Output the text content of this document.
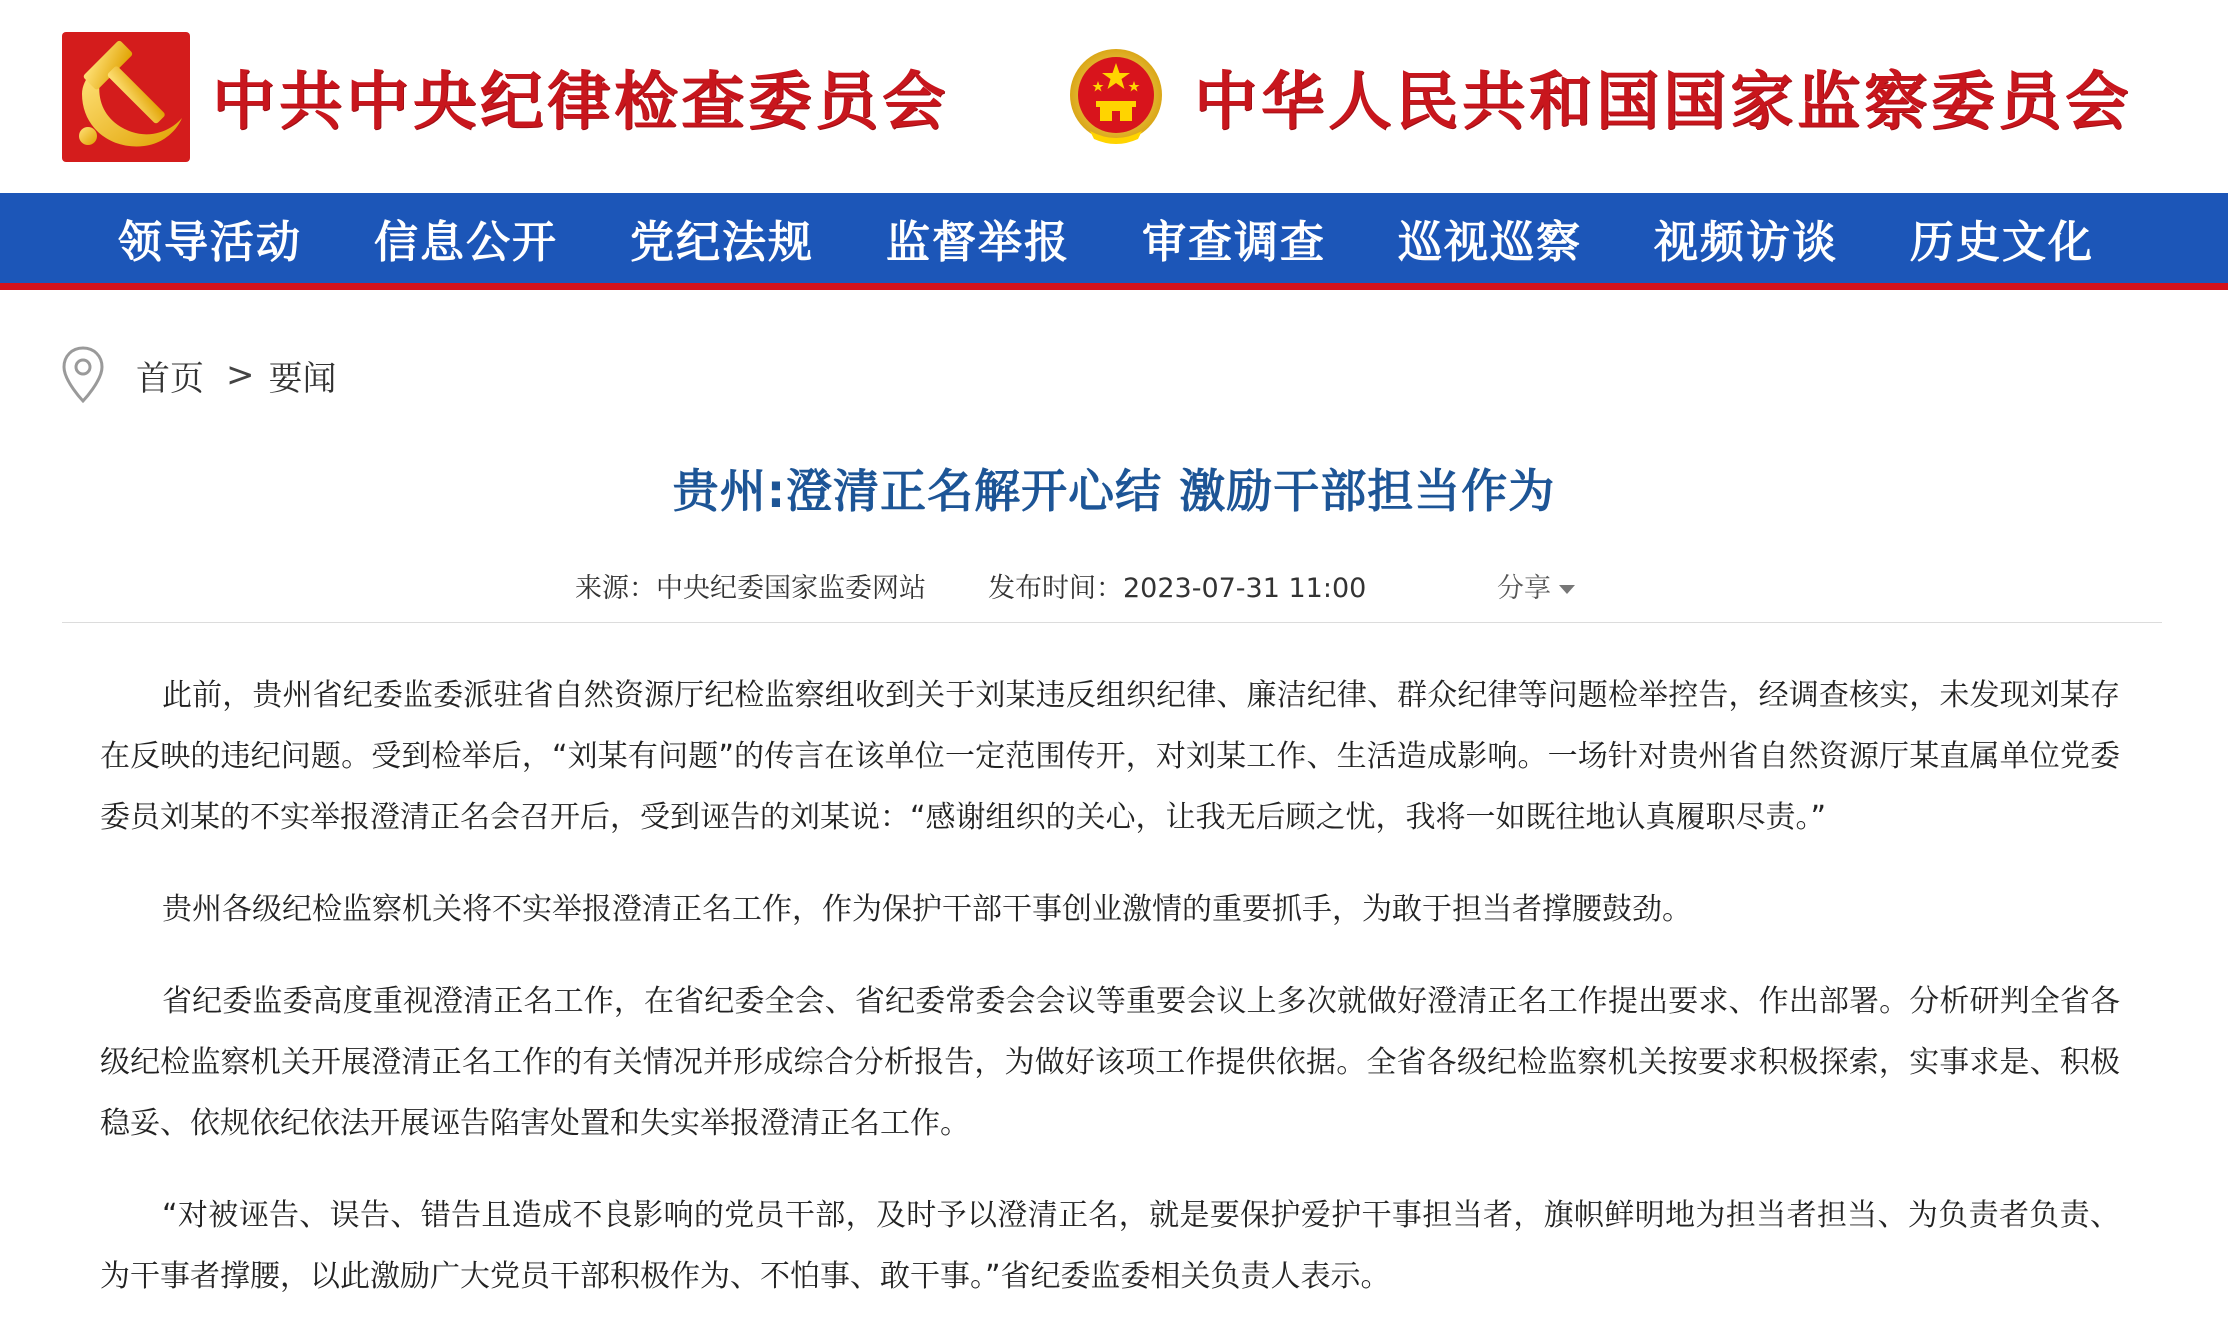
中共中央纪律检查委员会	中华人民共和国国家监察委员会
领导活动 信息公开 党纪法规 监督举报 审查调查 巡视巡察 视频访谈 历史文化
首页 > 要闻
贵州:澄清正名解开心结 激励干部担当作为
来源：中央纪委国家监委网站 发布时间：2023-07-31 11:00	分享

此前，贵州省纪委监委派驻省自然资源厅纪检监察组收到关于刘某违反组织纪律、廉洁纪律、群众纪律等问题检举控告，经调查核实，未发现刘某存在反映的违纪问题。受到检举后，“刘某有问题”的传言在该单位一定范围传开，对刘某工作、生活造成影响。一场针对贵州省自然资源厅某直属单位党委委员刘某的不实举报澄清正名会召开后，受到诬告的刘某说：“感谢组织的关心，让我无后顾之忧，我将一如既往地认真履职尽责。”

贵州各级纪检监察机关将不实举报澄清正名工作，作为保护干部干事创业激情的重要抓手，为敢于担当者撑腰鼓劲。

省纪委监委高度重视澄清正名工作，在省纪委全会、省纪委常委会会议等重要会议上多次就做好澄清正名工作提出要求、作出部署。分析研判全省各级纪检监察机关开展澄清正名工作的有关情况并形成综合分析报告，为做好该项工作提供依据。全省各级纪检监察机关按要求积极探索，实事求是、积极稳妥、依规依纪依法开展诬告陷害处置和失实举报澄清正名工作。

“对被诬告、误告、错告且造成不良影响的党员干部，及时予以澄清正名，就是要保护爱护干事担当者，旗帜鲜明地为担当者担当、为负责者负责、为干事者撑腰，以此激励广大党员干部积极作为、不怕事、敢干事。”省纪委监委相关负责人表示。
